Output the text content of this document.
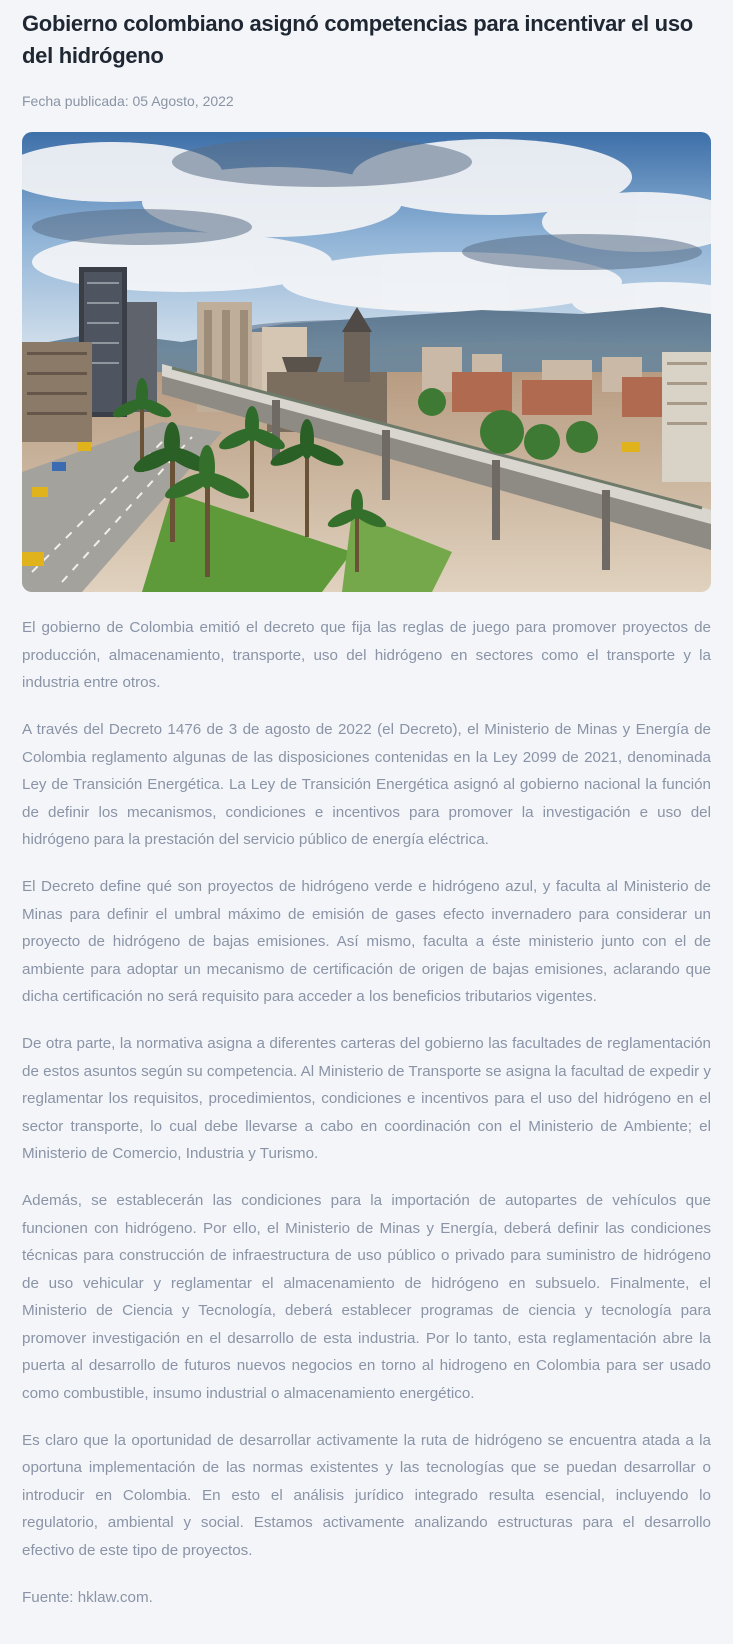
Gobierno colombiano asignó competencias para incentivar el uso del hidrógeno

Fecha publicada: 05 Agosto, 2022

El gobierno de Colombia emitió el decreto que fija las reglas de juego para promover proyectos de producción, almacenamiento, transporte, uso del hidrógeno en sectores como el transporte y la industria entre otros.

A través del Decreto 1476 de 3 de agosto de 2022 (el Decreto), el Ministerio de Minas y Energía de Colombia reglamento algunas de las disposiciones contenidas en la Ley 2099 de 2021, denominada Ley de Transición Energética. La Ley de Transición Energética asignó al gobierno nacional la función de definir los mecanismos, condiciones e incentivos para promover la investigación e uso del hidrógeno para la prestación del servicio público de energía eléctrica.

El Decreto define qué son proyectos de hidrógeno verde e hidrógeno azul, y faculta al Ministerio de Minas para definir el umbral máximo de emisión de gases efecto invernadero para considerar un proyecto de hidrógeno de bajas emisiones. Así mismo, faculta a éste ministerio junto con el de ambiente para adoptar un mecanismo de certificación de origen de bajas emisiones, aclarando que dicha certificación no será requisito para acceder a los beneficios tributarios vigentes.

De otra parte, la normativa asigna a diferentes carteras del gobierno las facultades de reglamentación de estos asuntos según su competencia. Al Ministerio de Transporte se asigna la facultad de expedir y reglamentar los requisitos, procedimientos, condiciones e incentivos para el uso del hidrógeno en el sector transporte, lo cual debe llevarse a cabo en coordinación con el Ministerio de Ambiente; el Ministerio de Comercio, Industria y Turismo.

Además, se establecerán las condiciones para la importación de autopartes de vehículos que funcionen con hidrógeno. Por ello, el Ministerio de Minas y Energía, deberá definir las condiciones técnicas para construcción de infraestructura de uso público o privado para suministro de hidrógeno de uso vehicular y reglamentar el almacenamiento de hidrógeno en subsuelo. Finalmente, el Ministerio de Ciencia y Tecnología, deberá establecer programas de ciencia y tecnología para promover investigación en el desarrollo de esta industria. Por lo tanto, esta reglamentación abre la puerta al desarrollo de futuros nuevos negocios en torno al hidrogeno en Colombia para ser usado como combustible, insumo industrial o almacenamiento energético.

Es claro que la oportunidad de desarrollar activamente la ruta de hidrógeno se encuentra atada a la oportuna implementación de las normas existentes y las tecnologías que se puedan desarrollar o introducir en Colombia. En esto el análisis jurídico integrado resulta esencial, incluyendo lo regulatorio, ambiental y social. Estamos activamente analizando estructuras para el desarrollo efectivo de este tipo de proyectos.

Fuente: hklaw.com.
